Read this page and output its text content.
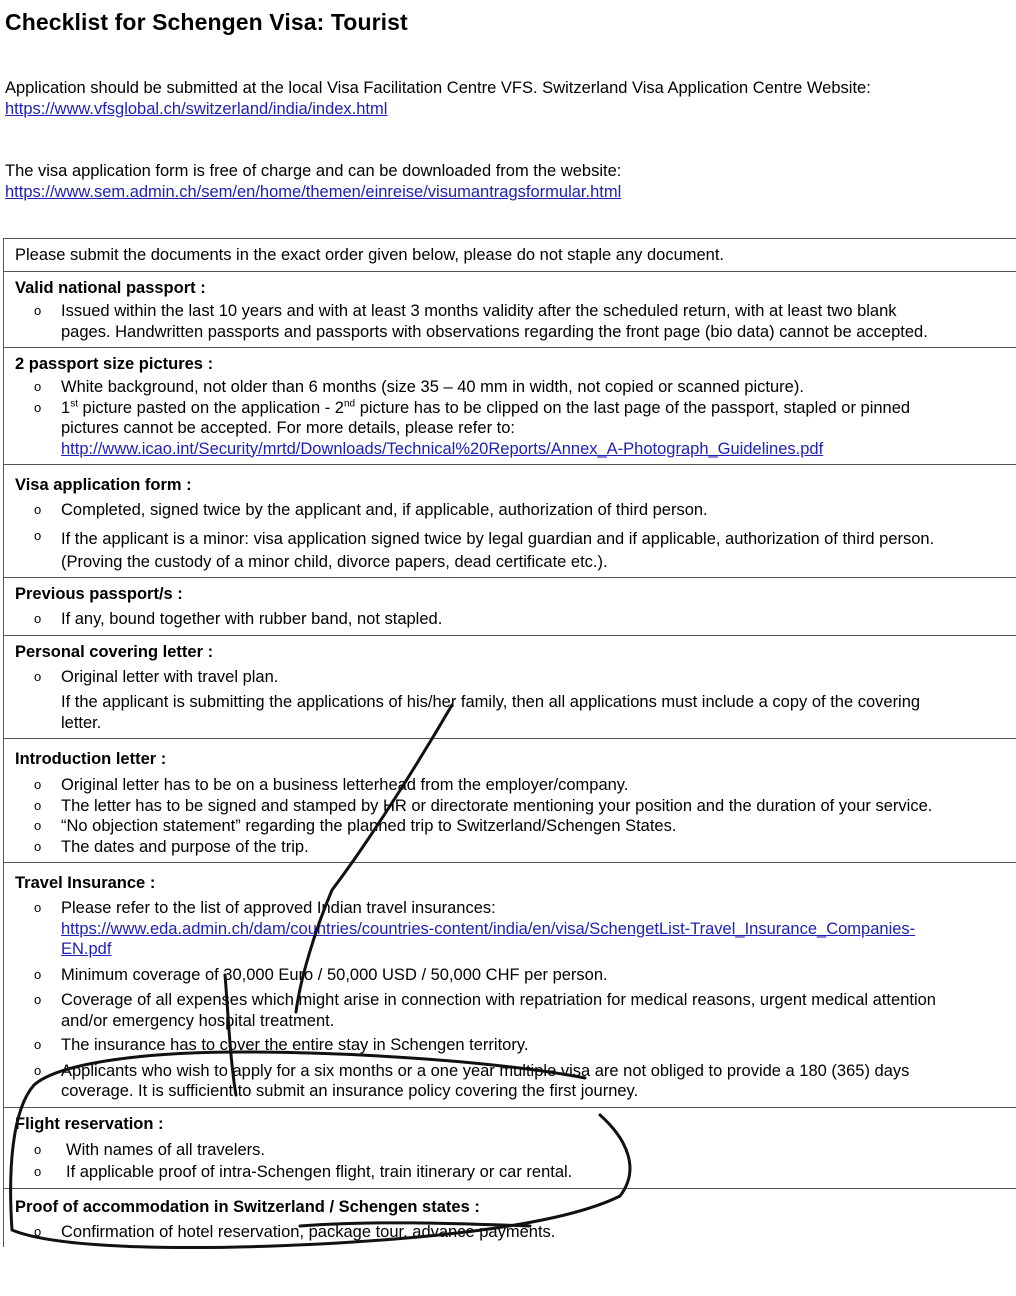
Checklist for Schengen Visa: Tourist
Application should be submitted at the local Visa Facilitation Centre VFS. Switzerland Visa Application Centre Website:
https://www.vfsglobal.ch/switzerland/india/index.html
The visa application form is free of charge and can be downloaded from the website:
https://www.sem.admin.ch/sem/en/home/themen/einreise/visumantragsformular.html
Please submit the documents in the exact order given below, please do not staple any document.
Valid national passport :
o Issued within the last 10 years and with at least 3 months validity after the scheduled return, with at least two blank
pages. Handwritten passports and passports with observations regarding the front page (bio data) cannot be accepted.
2 passport size pictures :
o White background, not older than 6 months (size 35 – 40 mm in width, not copied or scanned picture).
o 1st picture pasted on the application - 2nd picture has to be clipped on the last page of the passport, stapled or pinned
pictures cannot be accepted. For more details, please refer to:
http://www.icao.int/Security/mrtd/Downloads/Technical%20Reports/Annex_A-Photograph_Guidelines.pdf
Visa application form :
o Completed, signed twice by the applicant and, if applicable, authorization of third person.
o If the applicant is a minor: visa application signed twice by legal guardian and if applicable, authorization of third person.
(Proving the custody of a minor child, divorce papers, dead certificate etc.).
Previous passport/s :
o If any, bound together with rubber band, not stapled.
Personal covering letter :
o Original letter with travel plan.
If the applicant is submitting the applications of his/her family, then all applications must include a copy of the covering
letter.
Introduction letter :
o Original letter has to be on a business letterhead from the employer/company.
o The letter has to be signed and stamped by HR or directorate mentioning your position and the duration of your service.
o “No objection statement” regarding the planned trip to Switzerland/Schengen States.
o The dates and purpose of the trip.
Travel Insurance :
o Please refer to the list of approved Indian travel insurances:
https://www.eda.admin.ch/dam/countries/countries-content/india/en/visa/SchengetList-Travel_Insurance_Companies-
EN.pdf
o Minimum coverage of 30,000 Euro / 50,000 USD / 50,000 CHF per person.
o Coverage of all expenses which might arise in connection with repatriation for medical reasons, urgent medical attention
and/or emergency hospital treatment.
o The insurance has to cover the entire stay in Schengen territory.
o Applicants who wish to apply for a six months or a one year multiple visa are not obliged to provide a 180 (365) days
coverage. It is sufficient to submit an insurance policy covering the first journey.
Flight reservation :
o With names of all travelers.
o If applicable proof of intra-Schengen flight, train itinerary or car rental.
Proof of accommodation in Switzerland / Schengen states :
o Confirmation of hotel reservation, package tour, advance payments.
